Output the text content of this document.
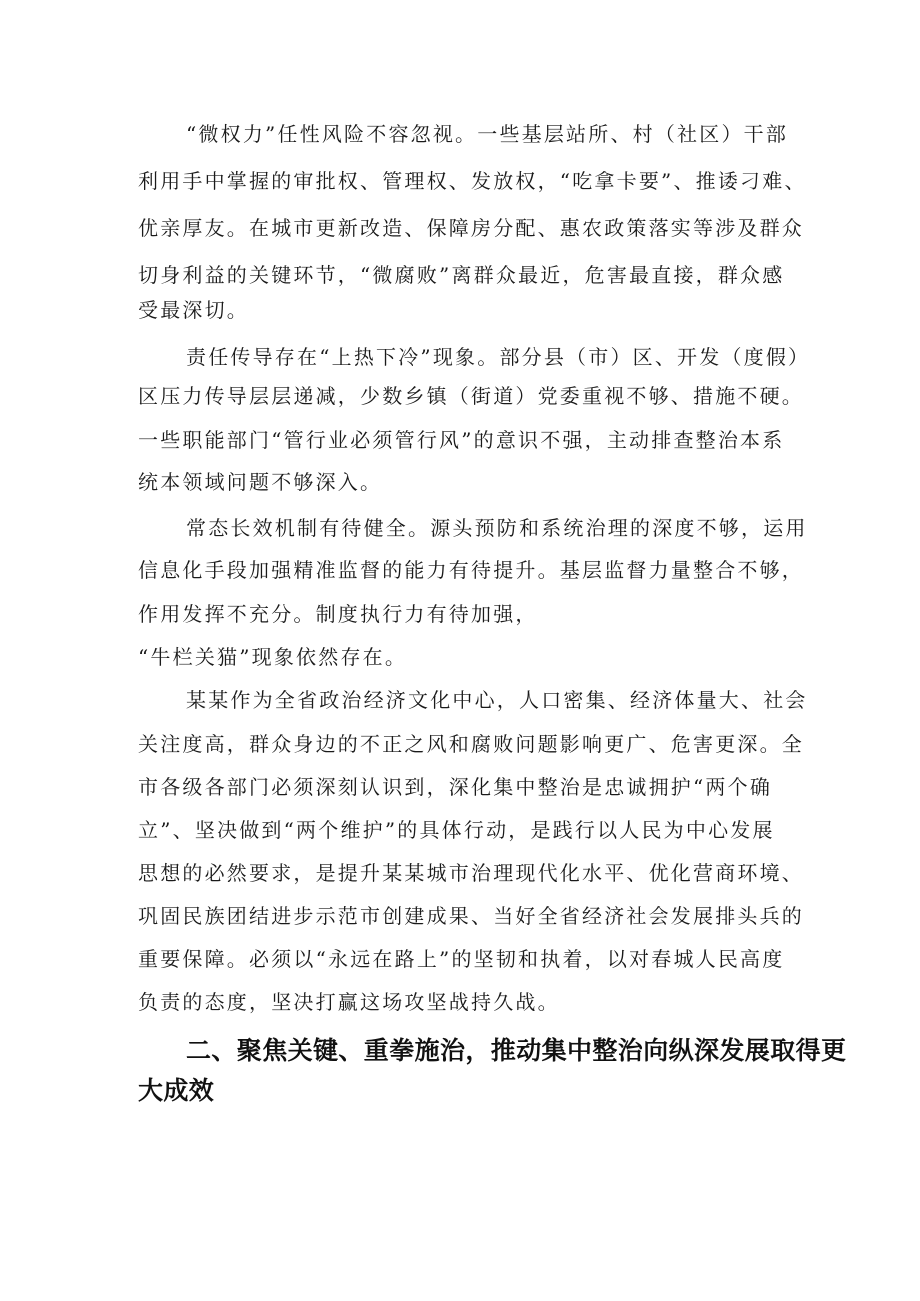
“微权力”任性风险不容忽视。一些基层站所、村（社区）干部
利用手中掌握的审批权、管理权、发放权，“吃拿卡要”、推诿刁难、
优亲厚友。在城市更新改造、保障房分配、惠农政策落实等涉及群众
切身利益的关键环节，“微腐败”离群众最近，危害最直接，群众感
受最深切。
责任传导存在“上热下冷”现象。部分县（市）区、开发（度假）
区压力传导层层递减，少数乡镇（街道）党委重视不够、措施不硬。
一些职能部门“管行业必须管行风”的意识不强，主动排查整治本系
统本领域问题不够深入。
常态长效机制有待健全。源头预防和系统治理的深度不够，运用
信息化手段加强精准监督的能力有待提升。基层监督力量整合不够，
作用发挥不充分。制度执行力有待加强，
“牛栏关猫”现象依然存在。
某某作为全省政治经济文化中心，人口密集、经济体量大、社会
关注度高，群众身边的不正之风和腐败问题影响更广、危害更深。全
市各级各部门必须深刻认识到，深化集中整治是忠诚拥护“两个确
立”、坚决做到“两个维护”的具体行动，是践行以人民为中心发展
思想的必然要求，是提升某某城市治理现代化水平、优化营商环境、
巩固民族团结进步示范市创建成果、当好全省经济社会发展排头兵的
重要保障。必须以“永远在路上”的坚韧和执着，以对春城人民高度
负责的态度，坚决打赢这场攻坚战持久战。
二、聚焦关键、重拳施治，推动集中整治向纵深发展取得更
大成效
